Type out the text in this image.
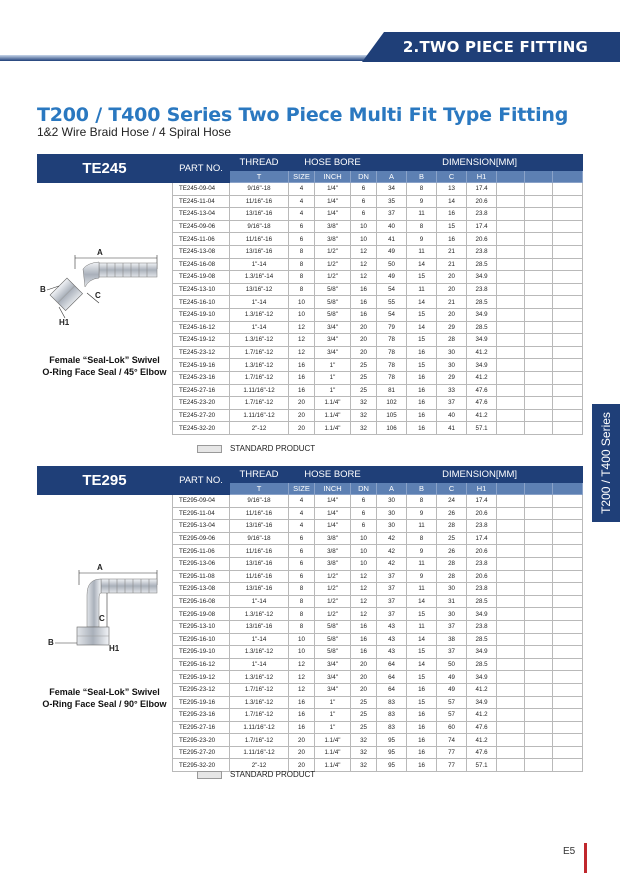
2.TWO PIECE FITTING
T200 / T400 Series Two Piece Multi Fit Type Fitting
1&2 Wire Braid Hose / 4 Spiral Hose
TE245
A
B
C
H1
Female “Seal-Lok” Swivel
O-Ring Face Seal / 45° Elbow
PART NO.	THREAD	HOSE BORE			DIMENSION[MM]						
	T	SIZE	INCH	DN	A	B	C	H1			
TE245-09-04	9/16"-18	4	1/4"	6	34	8	13	17.4			
TE245-11-04	11/16"-16	4	1/4"	6	35	9	14	20.6			
TE245-13-04	13/16"-16	4	1/4"	6	37	11	16	23.8			
TE245-09-06	9/16"-18	6	3/8"	10	40	8	15	17.4			
TE245-11-06	11/16"-16	6	3/8"	10	41	9	16	20.6			
TE245-13-08	13/16"-16	8	1/2"	12	49	11	21	23.8			
TE245-16-08	1"-14	8	1/2"	12	50	14	21	28.5			
TE245-19-08	1.3/16"-14	8	1/2"	12	49	15	20	34.9			
TE245-13-10	13/16"-12	8	5/8"	16	54	11	20	23.8			
TE245-16-10	1"-14	10	5/8"	16	55	14	21	28.5			
TE245-19-10	1.3/16"-12	10	5/8"	16	54	15	20	34.9			
TE245-16-12	1"-14	12	3/4"	20	79	14	29	28.5			
TE245-19-12	1.3/16"-12	12	3/4"	20	78	15	28	34.9			
TE245-23-12	1.7/16"-12	12	3/4"	20	78	16	30	41.2			
TE245-19-16	1.3/16"-12	16	1"	25	78	15	30	34.9			
TE245-23-16	1.7/16"-12	16	1"	25	78	16	29	41.2			
TE245-27-16	1.11/16"-12	16	1"	25	81	16	33	47.6			
TE245-23-20	1.7/16"-12	20	1.1/4"	32	102	16	37	47.6			
TE245-27-20	1.11/16"-12	20	1.1/4"	32	105	16	40	41.2			
TE245-32-20	2"-12	20	1.1/4"	32	106	16	41	57.1			
STANDARD PRODUCT
TE295
A
C
B
H1
Female “Seal-Lok” Swivel
O-Ring Face Seal / 90° Elbow
PART NO.	THREAD	HOSE BORE			DIMENSION[MM]						
	T	SIZE	INCH	DN	A	B	C	H1			
TE295-09-04	9/16"-18	4	1/4"	6	30	8	24	17.4			
TE295-11-04	11/16"-16	4	1/4"	6	30	9	26	20.6			
TE295-13-04	13/16"-16	4	1/4"	6	30	11	28	23.8			
TE295-09-06	9/16"-18	6	3/8"	10	42	8	25	17.4			
TE295-11-06	11/16"-16	6	3/8"	10	42	9	26	20.6			
TE295-13-06	13/16"-16	6	3/8"	10	42	11	28	23.8			
TE295-11-08	11/16"-16	6	1/2"	12	37	9	28	20.6			
TE295-13-08	13/16"-16	8	1/2"	12	37	11	30	23.8			
TE295-16-08	1"-14	8	1/2"	12	37	14	31	28.5			
TE295-19-08	1.3/16"-12	8	1/2"	12	37	15	30	34.9			
TE295-13-10	13/16"-16	8	5/8"	16	43	11	37	23.8			
TE295-16-10	1"-14	10	5/8"	16	43	14	38	28.5			
TE295-19-10	1.3/16"-12	10	5/8"	16	43	15	37	34.9			
TE295-16-12	1"-14	12	3/4"	20	64	14	50	28.5			
TE295-19-12	1.3/16"-12	12	3/4"	20	64	15	49	34.9			
TE295-23-12	1.7/16"-12	12	3/4"	20	64	16	49	41.2			
TE295-19-16	1.3/16"-12	16	1"	25	83	15	57	34.9			
TE295-23-16	1.7/16"-12	16	1"	25	83	16	57	41.2			
TE295-27-16	1.11/16"-12	16	1"	25	83	16	60	47.6			
TE295-23-20	1.7/16"-12	20	1.1/4"	32	95	16	74	41.2			
TE295-27-20	1.11/16"-12	20	1.1/4"	32	95	16	77	47.6			
TE295-32-20	2"-12	20	1.1/4"	32	95	16	77	57.1			
STANDARD PRODUCT
T200 / T400 Series
E5
